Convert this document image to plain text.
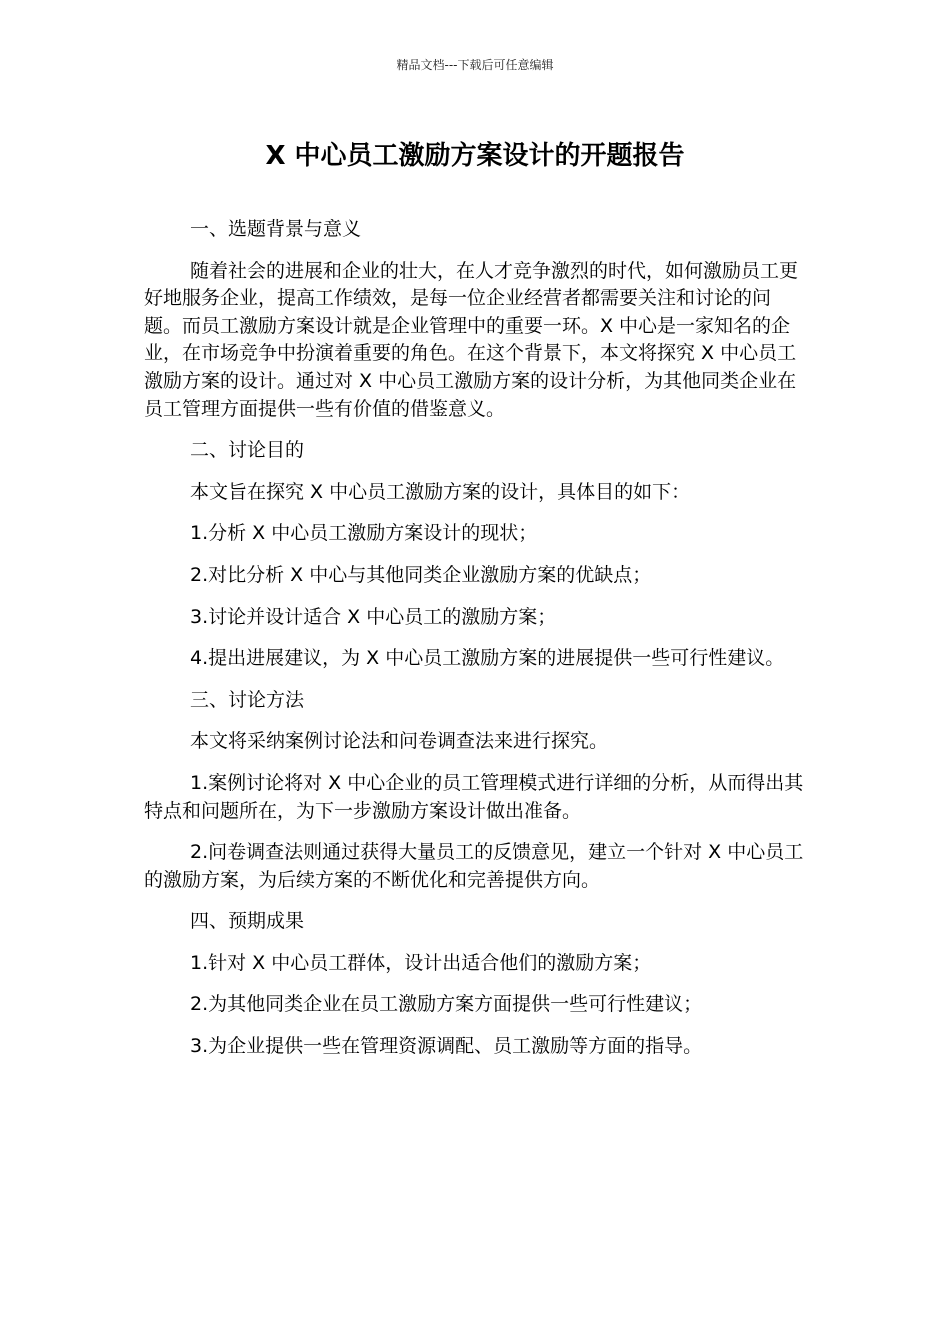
精品文档---下载后可任意编辑
X 中心员工激励方案设计的开题报告

一、选题背景与意义

随着社会的进展和企业的壮大，在人才竞争激烈的时代，如何激励员工更好地服务企业，提高工作绩效，是每一位企业经营者都需要关注和讨论的问题。而员工激励方案设计就是企业管理中的重要一环。X 中心是一家知名的企业，在市场竞争中扮演着重要的角色。在这个背景下，本文将探究 X 中心员工激励方案的设计。通过对 X 中心员工激励方案的设计分析，为其他同类企业在员工管理方面提供一些有价值的借鉴意义。

二、讨论目的

本文旨在探究 X 中心员工激励方案的设计，具体目的如下：

1.分析 X 中心员工激励方案设计的现状；

2.对比分析 X 中心与其他同类企业激励方案的优缺点；

3.讨论并设计适合 X 中心员工的激励方案；

4.提出进展建议，为 X 中心员工激励方案的进展提供一些可行性建议。

三、讨论方法

本文将采纳案例讨论法和问卷调查法来进行探究。

1.案例讨论将对 X 中心企业的员工管理模式进行详细的分析，从而得出其特点和问题所在，为下一步激励方案设计做出准备。

2.问卷调查法则通过获得大量员工的反馈意见，建立一个针对 X 中心员工的激励方案，为后续方案的不断优化和完善提供方向。

四、预期成果

1.针对 X 中心员工群体，设计出适合他们的激励方案；

2.为其他同类企业在员工激励方案方面提供一些可行性建议；

3.为企业提供一些在管理资源调配、员工激励等方面的指导。
